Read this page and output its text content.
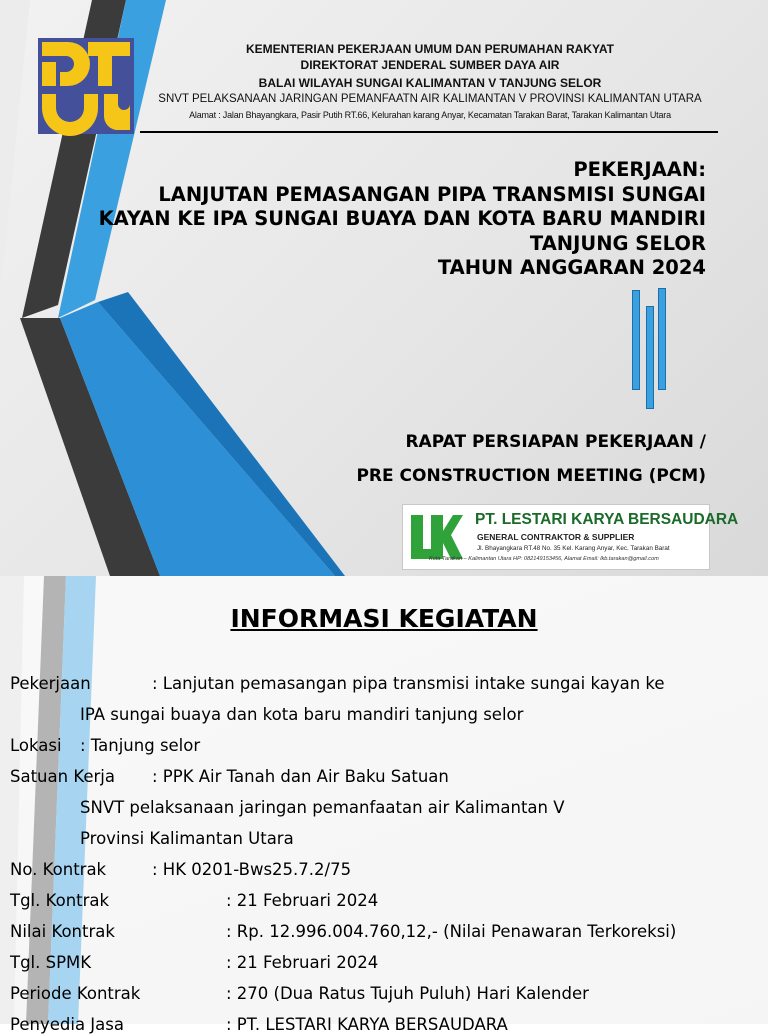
KEMENTERIAN PEKERJAAN UMUM DAN PERUMAHAN RAKYAT
DIREKTORAT JENDERAL SUMBER DAYA AIR
BALAI WILAYAH SUNGAI KALIMANTAN V TANJUNG SELOR
SNVT PELAKSANAAN JARINGAN PEMANFAATN AIR KALIMANTAN V PROVINSI KALIMANTAN UTARA
Alamat : Jalan Bhayangkara, Pasir Putih RT.66, Kelurahan karang Anyar, Kecamatan Tarakan Barat, Tarakan Kalimantan Utara
PEKERJAAN:
LANJUTAN PEMASANGAN PIPA TRANSMISI SUNGAI
KAYAN KE IPA SUNGAI BUAYA DAN KOTA BARU MANDIRI
TANJUNG SELOR
TAHUN ANGGARAN 2024
RAPAT PERSIAPAN PEKERJAAN /
PRE CONSTRUCTION MEETING (PCM)
PT. LESTARI KARYA BERSAUDARA
GENERAL CONTRAKTOR & SUPPLIER
Jl. Bhayangkara RT.48 No. 35 Kel. Karang Anyar, Kec. Tarakan Barat
Kota Tarakan – Kalimantan Utara HP: 082149153456, Alamat Email: lkb.tarakan@gmail.com
INFORMASI KEGIATAN
Pekerjaan	: Lanjutan pemasangan pipa transmisi intake sungai kayan ke
IPA sungai buaya dan kota baru mandiri tanjung selor
Lokasi : Tanjung selor
Satuan Kerja : PPK Air Tanah dan Air Baku Satuan
SNVT pelaksanaan jaringan pemanfaatan air Kalimantan V
Provinsi Kalimantan Utara
No. Kontrak	: HK 0201-Bws25.7.2/75
Tgl. Kontrak	: 21 Februari 2024
Nilai Kontrak	: Rp. 12.996.004.760,12,- (Nilai Penawaran Terkoreksi)
Tgl. SPMK	: 21 Februari 2024
Periode Kontrak	: 270 (Dua Ratus Tujuh Puluh) Hari Kalender
Penyedia Jasa	: PT. LESTARI KARYA BERSAUDARA
